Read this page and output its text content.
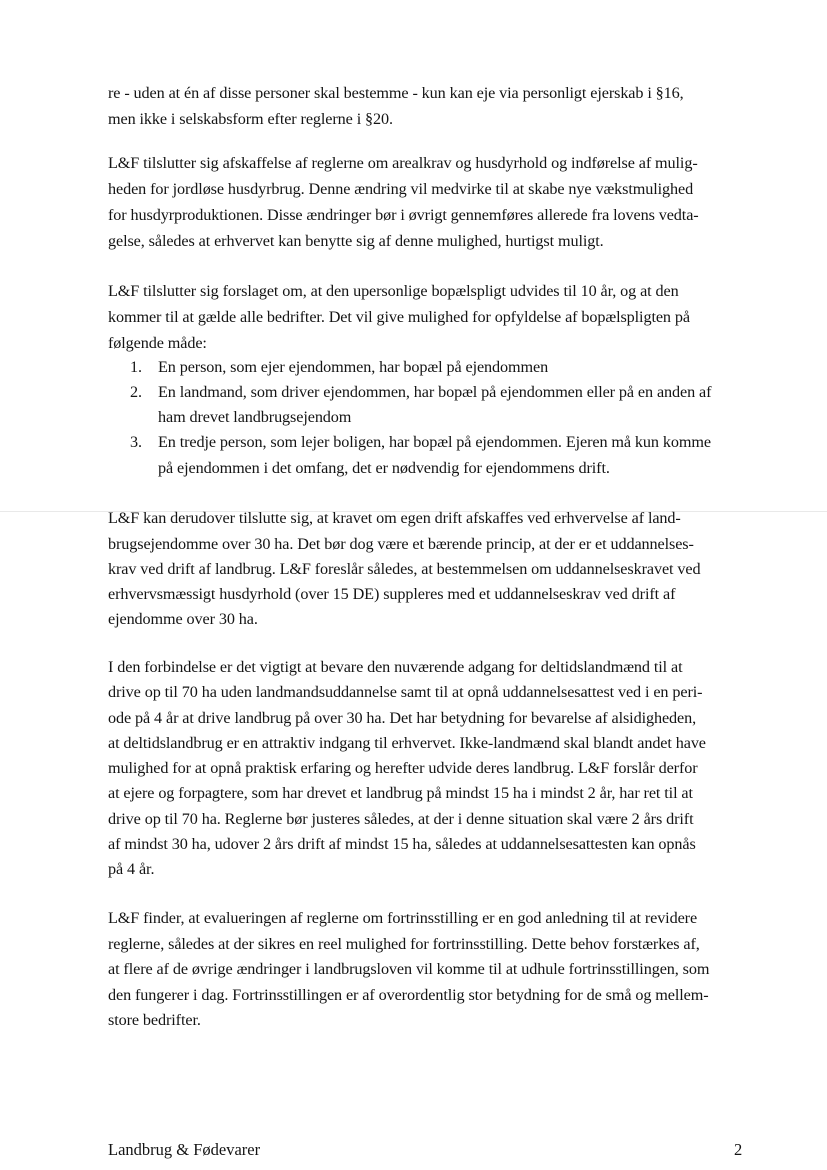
re - uden at én af disse personer skal bestemme - kun kan eje via personligt ejerskab i §16,
men ikke i selskabsform efter reglerne i §20.
L&F tilslutter sig afskaffelse af reglerne om arealkrav og husdyrhold og indførelse af mulig-
heden for jordløse husdyrbrug. Denne ændring vil medvirke til at skabe nye vækstmulighed
for husdyrproduktionen. Disse ændringer bør i øvrigt gennemføres allerede fra lovens vedta-
gelse, således at erhvervet kan benytte sig af denne mulighed, hurtigst muligt.
L&F tilslutter sig forslaget om, at den upersonlige bopælspligt udvides til 10 år, og at den
kommer til at gælde alle bedrifter. Det vil give mulighed for opfyldelse af bopælspligten på
følgende måde:
1. En person, som ejer ejendommen, har bopæl på ejendommen
2. En landmand, som driver ejendommen, har bopæl på ejendommen eller på en anden af
ham drevet landbrugsejendom
3. En tredje person, som lejer boligen, har bopæl på ejendommen. Ejeren må kun komme
på ejendommen i det omfang, det er nødvendig for ejendommens drift.
L&F kan derudover tilslutte sig, at kravet om egen drift afskaffes ved erhvervelse af land-
brugsejendomme over 30 ha. Det bør dog være et bærende princip, at der er et uddannelses-
krav ved drift af landbrug. L&F foreslår således, at bestemmelsen om uddannelseskravet ved
erhvervsmæssigt husdyrhold (over 15 DE) suppleres med et uddannelseskrav ved drift af
ejendomme over 30 ha.
I den forbindelse er det vigtigt at bevare den nuværende adgang for deltidslandmænd til at
drive op til 70 ha uden landmandsuddannelse samt til at opnå uddannelsesattest ved i en peri-
ode på 4 år at drive landbrug på over 30 ha. Det har betydning for bevarelse af alsidigheden,
at deltidslandbrug er en attraktiv indgang til erhvervet. Ikke-landmænd skal blandt andet have
mulighed for at opnå praktisk erfaring og herefter udvide deres landbrug. L&F forslår derfor
at ejere og forpagtere, som har drevet et landbrug på mindst 15 ha i mindst 2 år, har ret til at
drive op til 70 ha. Reglerne bør justeres således, at der i denne situation skal være 2 års drift
af mindst 30 ha, udover 2 års drift af mindst 15 ha, således at uddannelsesattesten kan opnås
på 4 år.
L&F finder, at evalueringen af reglerne om fortrinsstilling er en god anledning til at revidere
reglerne, således at der sikres en reel mulighed for fortrinsstilling. Dette behov forstærkes af,
at flere af de øvrige ændringer i landbrugsloven vil komme til at udhule fortrinsstillingen, som
den fungerer i dag. Fortrinsstillingen er af overordentlig stor betydning for de små og mellem-
store bedrifter.
Landbrug & Fødevarer	2
